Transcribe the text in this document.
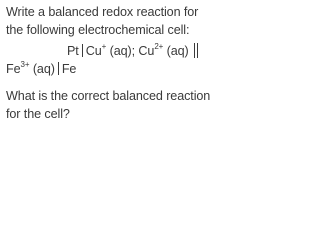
Write a balanced redox reaction for
the following electrochemical cell:
Pt Cu+ (aq); $Cu^{2+}$ (aq)
$Fe^{3+}$ (aq) Fe
What is the correct balanced reaction
for the cell?
